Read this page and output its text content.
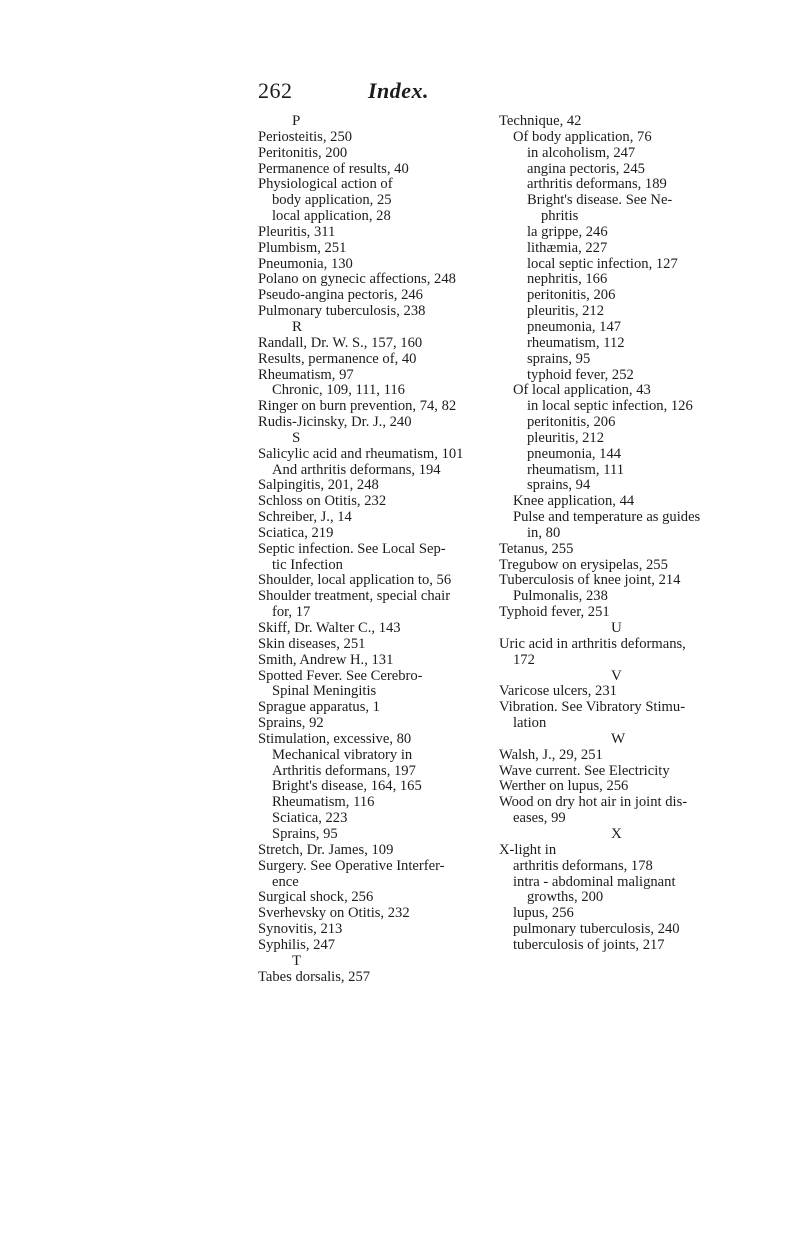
262	Index.
P
Periosteitis, 250
Peritonitis, 200
Permanence of results, 40
Physiological action of
body application, 25
local application, 28
Pleuritis, 311
Plumbism, 251
Pneumonia, 130
Polano on gynecic affections, 248
Pseudo-angina pectoris, 246
Pulmonary tuberculosis, 238
R
Randall, Dr. W. S., 157, 160
Results, permanence of, 40
Rheumatism, 97
Chronic, 109, 111, 116
Ringer on burn prevention, 74, 82
Rudis-Jicinsky, Dr. J., 240
S
Salicylic acid and rheumatism, 101
And arthritis deformans, 194
Salpingitis, 201, 248
Schloss on Otitis, 232
Schreiber, J., 14
Sciatica, 219
Septic infection. See Local Sep-
tic Infection
Shoulder, local application to, 56
Shoulder treatment, special chair
for, 17
Skiff, Dr. Walter C., 143
Skin diseases, 251
Smith, Andrew H., 131
Spotted Fever. See Cerebro-
Spinal Meningitis
Sprague apparatus, 1
Sprains, 92
Stimulation, excessive, 80
Mechanical vibratory in
Arthritis deformans, 197
Bright's disease, 164, 165
Rheumatism, 116
Sciatica, 223
Sprains, 95
Stretch, Dr. James, 109
Surgery. See Operative Interfer-
ence
Surgical shock, 256
Sverhevsky on Otitis, 232
Synovitis, 213
Syphilis, 247
T
Tabes dorsalis, 257
Technique, 42
Of body application, 76
in alcoholism, 247
angina pectoris, 245
arthritis deformans, 189
Bright's disease. See Ne-
phritis
la grippe, 246
lithæmia, 227
local septic infection, 127
nephritis, 166
peritonitis, 206
pleuritis, 212
pneumonia, 147
rheumatism, 112
sprains, 95
typhoid fever, 252
Of local application, 43
in local septic infection, 126
peritonitis, 206
pleuritis, 212
pneumonia, 144
rheumatism, 111
sprains, 94
Knee application, 44
Pulse and temperature as guides
in, 80
Tetanus, 255
Tregubow on erysipelas, 255
Tuberculosis of knee joint, 214
Pulmonalis, 238
Typhoid fever, 251
U
Uric acid in arthritis deformans,
172
V
Varicose ulcers, 231
Vibration. See Vibratory Stimu-
lation
W
Walsh, J., 29, 251
Wave current. See Electricity
Werther on lupus, 256
Wood on dry hot air in joint dis-
eases, 99
X
X-light in
arthritis deformans, 178
intra - abdominal malignant
growths, 200
lupus, 256
pulmonary tuberculosis, 240
tuberculosis of joints, 217
